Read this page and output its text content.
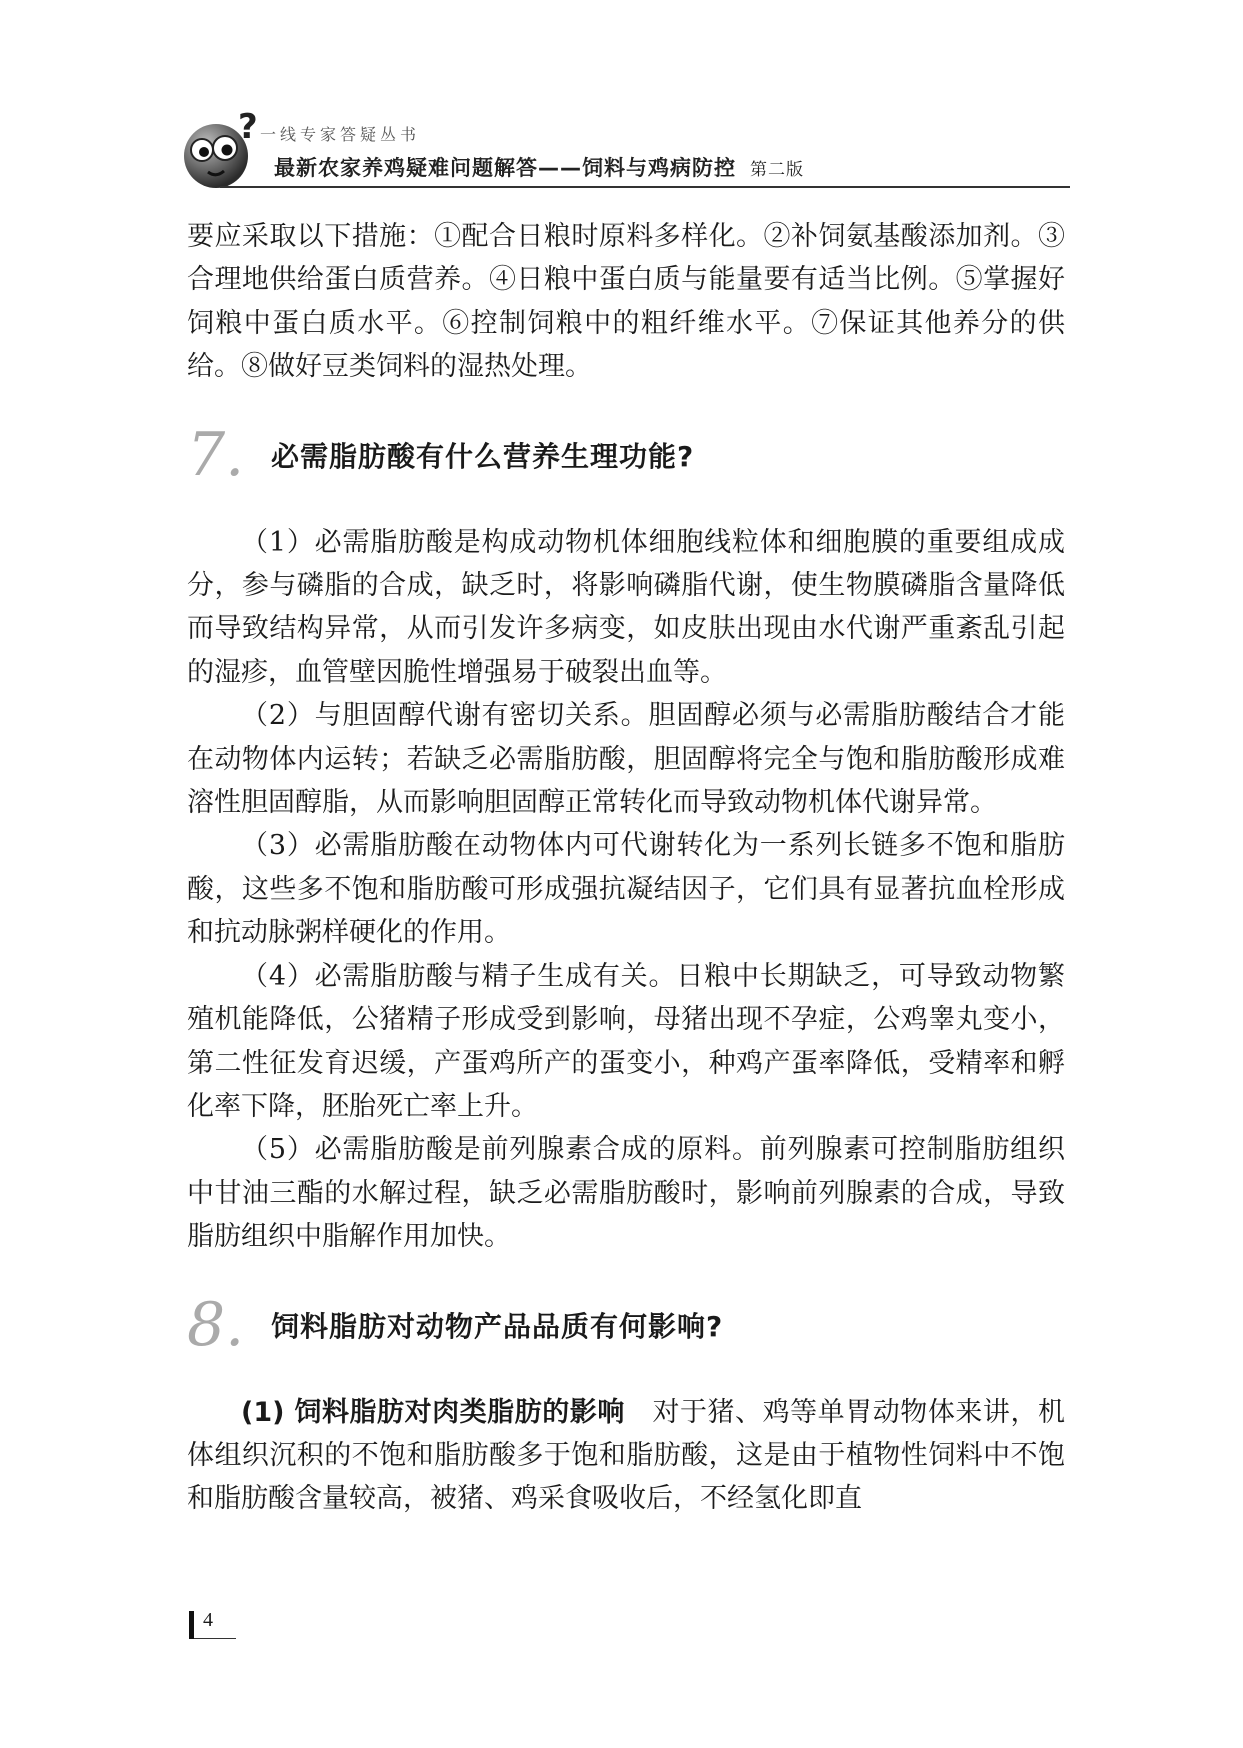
? 一线专家答疑丛书
最新农家养鸡疑难问题解答——饲料与鸡病防控 第二版

要应采取以下措施：①配合日粮时原料多样化。②补饲氨基酸添加剂。③合理地供给蛋白质营养。④日粮中蛋白质与能量要有适当比例。⑤掌握好饲粮中蛋白质水平。⑥控制饲粮中的粗纤维水平。⑦保证其他养分的供给。⑧做好豆类饲料的湿热处理。

7. 必需脂肪酸有什么营养生理功能?

（1）必需脂肪酸是构成动物机体细胞线粒体和细胞膜的重要组成成分，参与磷脂的合成，缺乏时，将影响磷脂代谢，使生物膜磷脂含量降低而导致结构异常，从而引发许多病变，如皮肤出现由水代谢严重紊乱引起的湿疹，血管壁因脆性增强易于破裂出血等。

（2）与胆固醇代谢有密切关系。胆固醇必须与必需脂肪酸结合才能在动物体内运转；若缺乏必需脂肪酸，胆固醇将完全与饱和脂肪酸形成难溶性胆固醇脂，从而影响胆固醇正常转化而导致动物机体代谢异常。

（3）必需脂肪酸在动物体内可代谢转化为一系列长链多不饱和脂肪酸，这些多不饱和脂肪酸可形成强抗凝结因子，它们具有显著抗血栓形成和抗动脉粥样硬化的作用。

（4）必需脂肪酸与精子生成有关。日粮中长期缺乏，可导致动物繁殖机能降低，公猪精子形成受到影响，母猪出现不孕症，公鸡睾丸变小，第二性征发育迟缓，产蛋鸡所产的蛋变小，种鸡产蛋率降低，受精率和孵化率下降，胚胎死亡率上升。

（5）必需脂肪酸是前列腺素合成的原料。前列腺素可控制脂肪组织中甘油三酯的水解过程，缺乏必需脂肪酸时，影响前列腺素的合成，导致脂肪组织中脂解作用加快。

8. 饲料脂肪对动物产品品质有何影响?

(1) 饲料脂肪对肉类脂肪的影响　 对于猪、鸡等单胃动物体来讲，机体组织沉积的不饱和脂肪酸多于饱和脂肪酸，这是由于植物性饲料中不饱和脂肪酸含量较高，被猪、鸡采食吸收后，不经氢化即直

4
